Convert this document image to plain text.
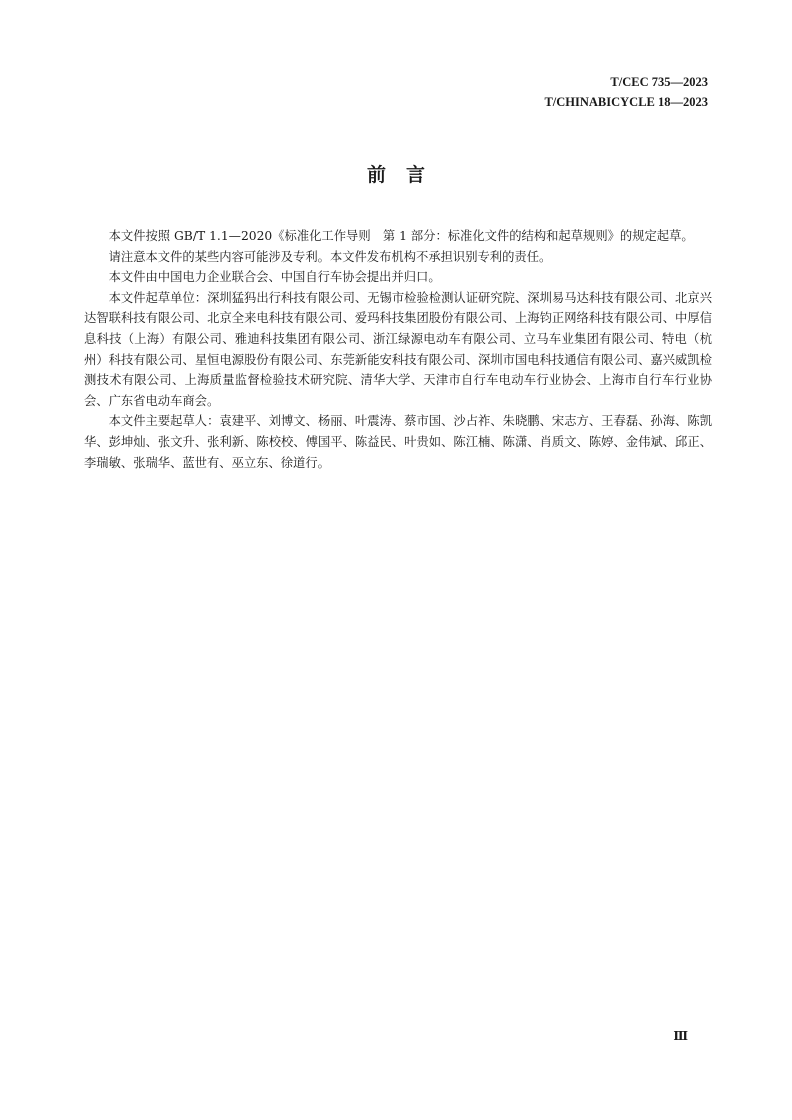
T/CEC 735—2023
T/CHINABICYCLE 18—2023
前言

本文件按照 GB/T 1.1—2020《标准化工作导则　第 1 部分：标准化文件的结构和起草规则》的规定起草。

请注意本文件的某些内容可能涉及专利。本文件发布机构不承担识别专利的责任。

本文件由中国电力企业联合会、中国自行车协会提出并归口。

本文件起草单位：深圳猛犸出行科技有限公司、无锡市检验检测认证研究院、深圳易马达科技有限公司、北京兴达智联科技有限公司、北京全来电科技有限公司、爱玛科技集团股份有限公司、上海钧正网络科技有限公司、中厚信息科技（上海）有限公司、雅迪科技集团有限公司、浙江绿源电动车有限公司、立马车业集团有限公司、特电（杭州）科技有限公司、星恒电源股份有限公司、东莞新能安科技有限公司、深圳市国电科技通信有限公司、嘉兴威凯检测技术有限公司、上海质量监督检验技术研究院、清华大学、天津市自行车电动车行业协会、上海市自行车行业协会、广东省电动车商会。

本文件主要起草人：袁建平、刘博文、杨丽、叶震涛、蔡市国、沙占祚、朱晓鹏、宋志方、王春磊、孙海、陈凯华、彭坤灿、张文升、张利新、陈校校、傅国平、陈益民、叶贵如、陈江楠、陈潇、肖质文、陈婷、金伟斌、邱正、李瑞敏、张瑞华、蓝世有、巫立东、徐道行。

Ⅲ
